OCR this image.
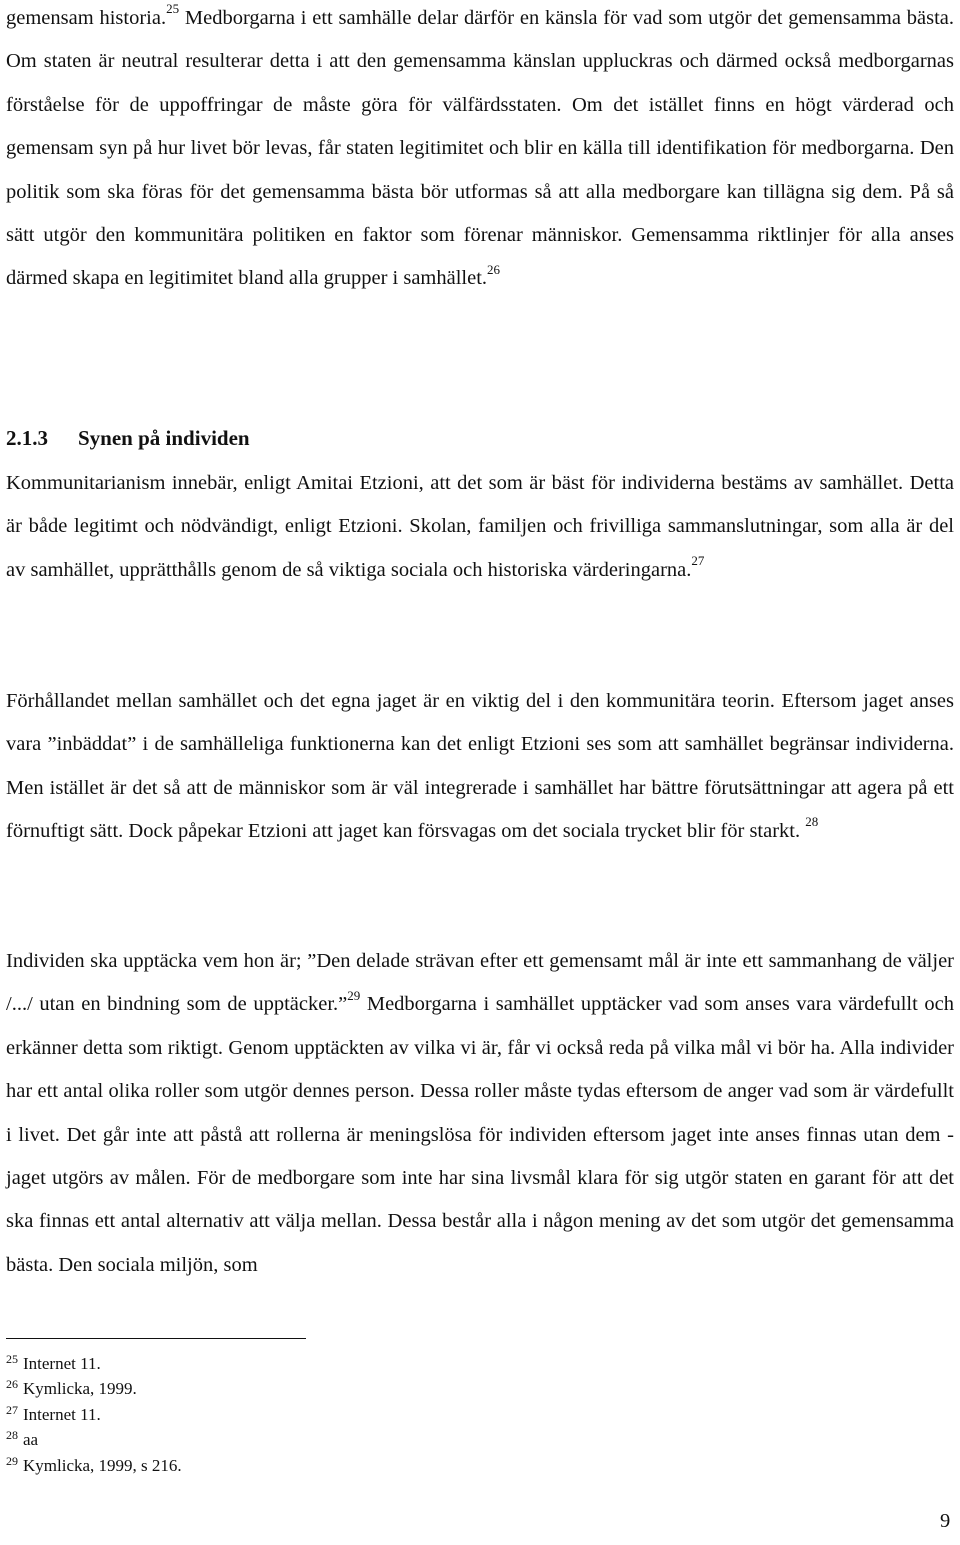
gemensam historia.$^{25}$ Medborgarna i ett samhälle delar därför en känsla för vad som utgör det gemensamma bästa. Om staten är neutral resulterar detta i att den gemensamma känslan uppluckras och därmed också medborgarnas förståelse för de uppoffringar de måste göra för välfärdsstaten. Om det istället finns en högt värderad och gemensam syn på hur livet bör levas, får staten legitimitet och blir en källa till identifikation för medborgarna. Den politik som ska föras för det gemensamma bästa bör utformas så att alla medborgare kan tillägna sig dem. På så sätt utgör den kommunitära politiken en faktor som förenar människor. Gemensamma riktlinjer för alla anses därmed skapa en legitimitet bland alla grupper i samhället.$^{26}$

2.1.3 Synen på individen

Kommunitarianism innebär, enligt Amitai Etzioni, att det som är bäst för individerna bestäms av samhället. Detta är både legitimt och nödvändigt, enligt Etzioni. Skolan, familjen och frivilliga sammanslutningar, som alla är del av samhället, upprätthålls genom de så viktiga sociala och historiska värderingarna.$^{27}$

Förhållandet mellan samhället och det egna jaget är en viktig del i den kommunitära teorin. Eftersom jaget anses vara ”inbäddat” i de samhälleliga funktionerna kan det enligt Etzioni ses som att samhället begränsar individerna. Men istället är det så att de människor som är väl integrerade i samhället har bättre förutsättningar att agera på ett förnuftigt sätt. Dock påpekar Etzioni att jaget kan försvagas om det sociala trycket blir för starkt. $^{28}$

Individen ska upptäcka vem hon är; ”Den delade strävan efter ett gemensamt mål är inte ett sammanhang de väljer /.../ utan en bindning som de upptäcker.”$^{29}$ Medborgarna i samhället upptäcker vad som anses vara värdefullt och erkänner detta som riktigt. Genom upptäckten av vilka vi är, får vi också reda på vilka mål vi bör ha. Alla individer har ett antal olika roller som utgör dennes person. Dessa roller måste tydas eftersom de anger vad som är värdefullt i livet. Det går inte att påstå att rollerna är meningslösa för individen eftersom jaget inte anses finnas utan dem - jaget utgörs av målen. För de medborgare som inte har sina livsmål klara för sig utgör staten en garant för att det ska finnas ett antal alternativ att välja mellan. Dessa består alla i någon mening av det som utgör det gemensamma bästa. Den sociala miljön, som

$^{25}$ Internet 11.
$^{26}$ Kymlicka, 1999.
$^{27}$ Internet 11.
$^{28}$ aa
$^{29}$ Kymlicka, 1999, s 216.
9
